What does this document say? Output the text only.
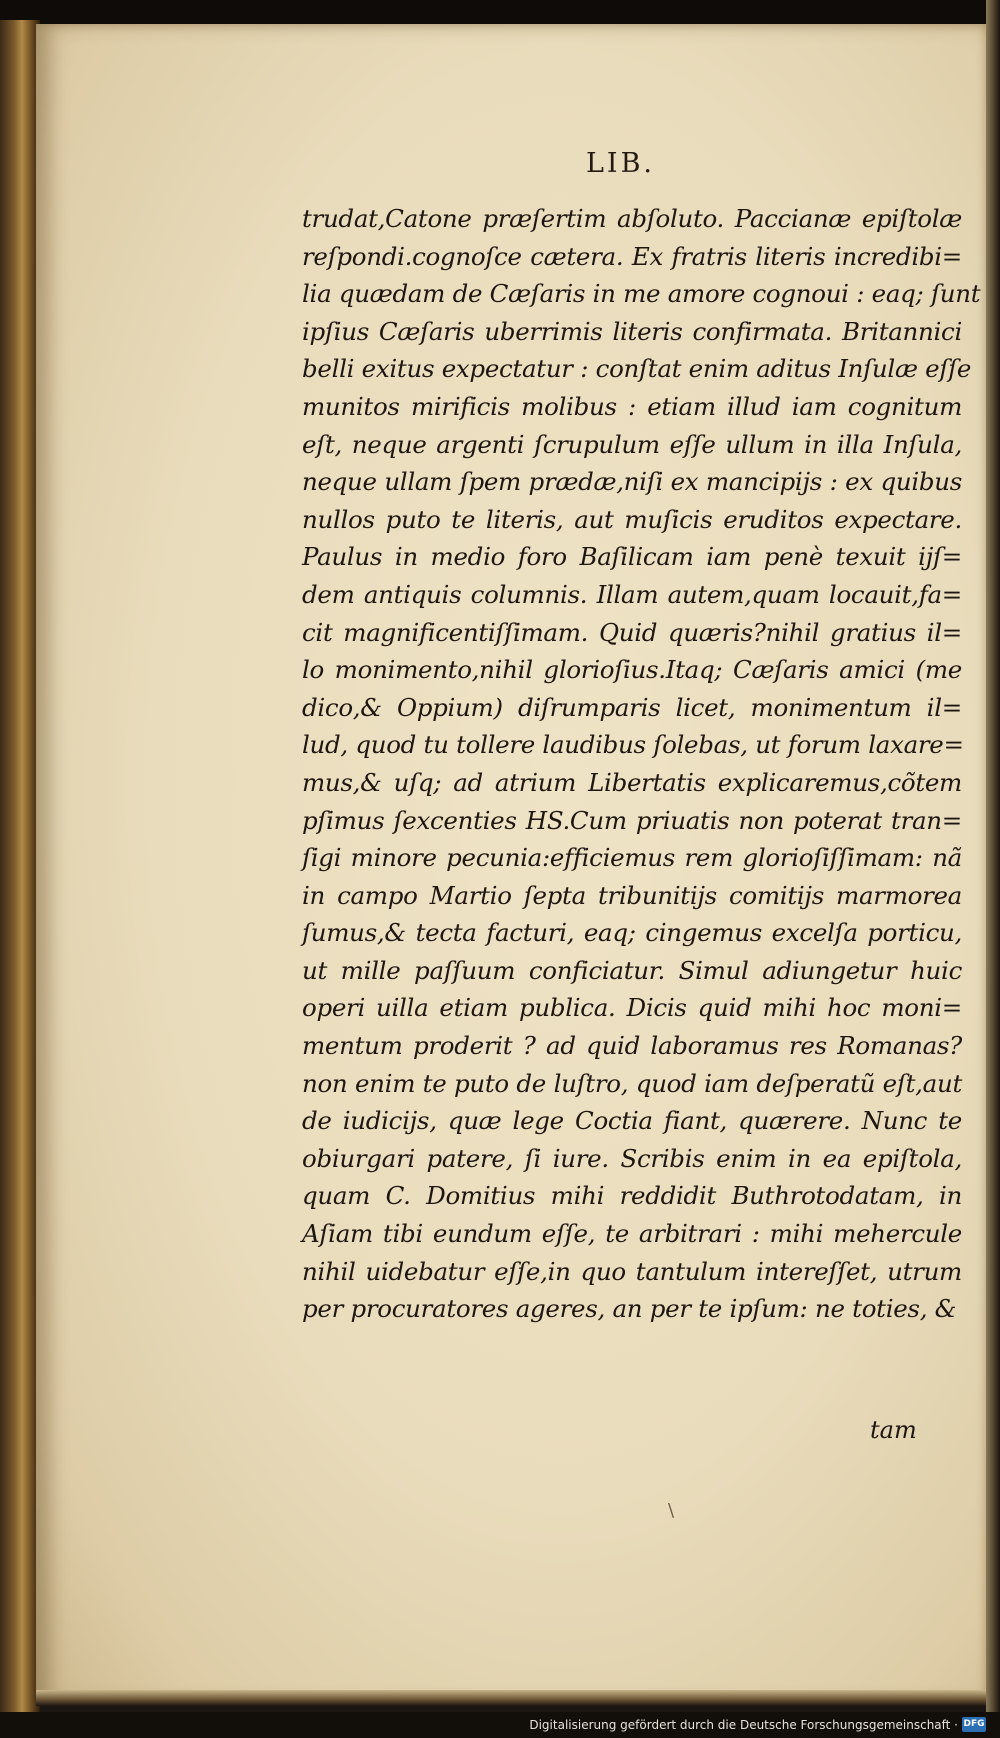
LIB.
trudat,Catone præſertim abſoluto. Paccianæ epiſtolæ
reſpondi.cognoſce cætera. Ex fratris literis incredibi=
lia quædam de Cæſaris in me amore cognoui : eaq; ſunt
ipſius Cæſaris uberrimis literis confirmata. Britannici
belli exitus expectatur : conſtat enim aditus Inſulæ eſſe
munitos mirificis molibus : etiam illud iam cognitum
eſt, neque argenti ſcrupulum eſſe ullum in illa Inſula,
neque ullam ſpem prædæ,niſi ex mancipijs : ex quibus
nullos puto te literis, aut muſicis eruditos expectare.
Paulus in medio foro Baſilicam iam penè texuit ijſ=
dem antiquis columnis. Illam autem,quam locauit,fa=
cit magnificentiſſimam. Quid quæris?nihil gratius il=
lo monimento,nihil glorioſius.Itaq; Cæſaris amici (me
dico,& Oppium) diſrumparis licet, monimentum il=
lud, quod tu tollere laudibus ſolebas, ut forum laxare=
mus,& uſq; ad atrium Libertatis explicaremus,cõtem
pſimus ſexcenties HS.Cum priuatis non poterat tran=
ſigi minore pecunia:efficiemus rem glorioſiſſimam: nã
in campo Martio ſepta tribunitijs comitijs marmorea
ſumus,& tecta facturi, eaq; cingemus excelſa porticu,
ut mille paſſuum conficiatur. Simul adiungetur huic
operi uilla etiam publica. Dicis quid mihi hoc moni=
mentum proderit ? ad quid laboramus res Romanas?
non enim te puto de luſtro, quod iam deſperatũ eſt,aut
de iudicijs, quæ lege Coctia fiant, quærere. Nunc te
obiurgari patere, ſi iure. Scribis enim in ea epiſtola,
quam C. Domitius mihi reddidit Buthrotodatam, in
Aſiam tibi eundum eſſe, te arbitrari : mihi mehercule
nihil uidebatur eſſe,in quo tantulum intereſſet, utrum
per procuratores ageres, an per te ipſum: ne toties, &
tam
\
Digitalisierung gefördert durch die Deutsche Forschungsgemeinschaft · DFG
